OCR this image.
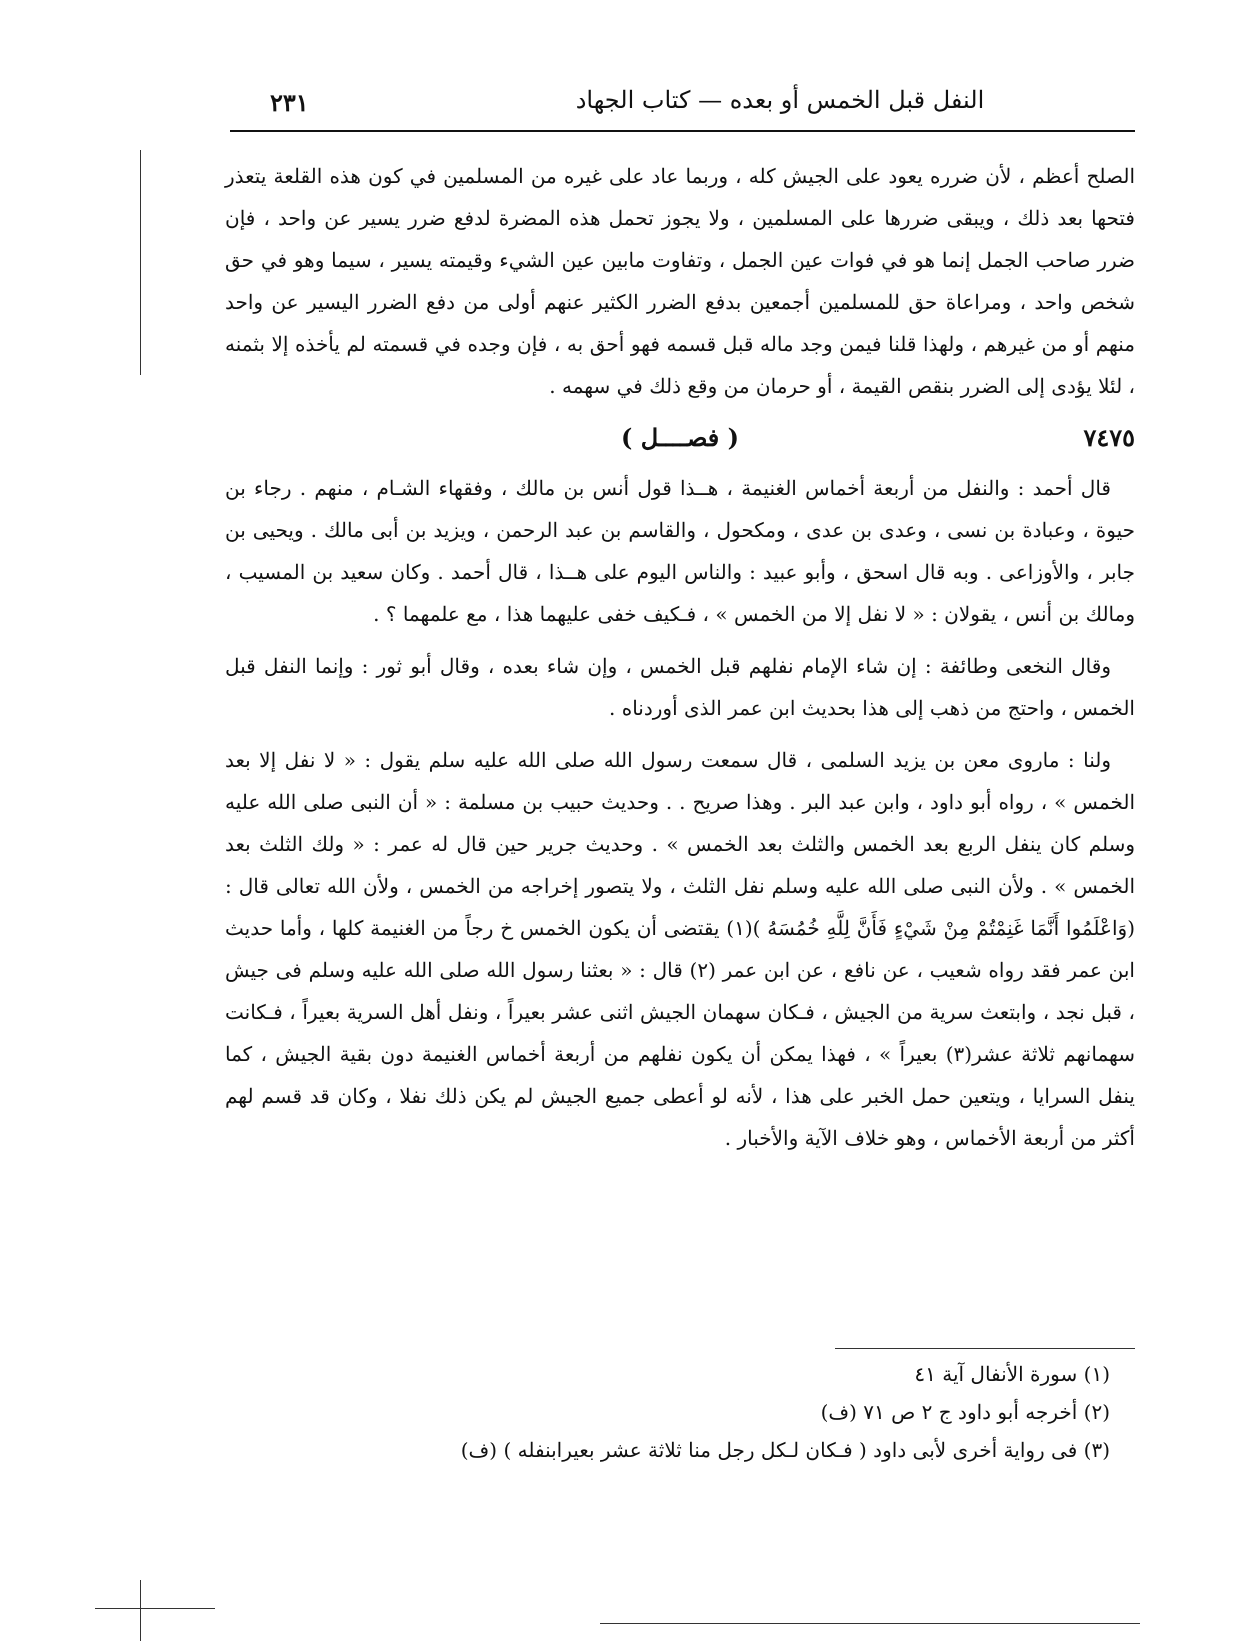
٢٣١	النفل قبل الخمس أو بعده — كتاب الجهاد

الصلح أعظم ، لأن ضرره يعود على الجيش كله ، وربما عاد على غيره من المسلمين في كون هذه القلعة يتعذر فتحها بعد ذلك ، ويبقى ضررها على المسلمين ، ولا يجوز تحمل هذه المضرة لدفع ضرر يسير عن واحد ، فإن ضرر صاحب الجمل إنما هو في فوات عين الجمل ، وتفاوت مابين عين الشيء وقيمته يسير ، سيما وهو في حق شخص واحد ، ومراعاة حق للمسلمين أجمعين بدفع الضرر الكثير عنهم أولى من دفع الضرر اليسير عن واحد منهم أو من غيرهم ، ولهذا قلنا فيمن وجد ماله قبل قسمه فهو أحق به ، فإن وجده في قسمته لم يأخذه إلا بثمنه ، لئلا يؤدى إلى الضرر بنقص القيمة ، أو حرمان من وقع ذلك في سهمه .

٧٤٧٥
( فصــــل )

قال أحمد : والنفل من أربعة أخماس الغنيمة ، هــذا قول أنس بن مالك ، وفقهاء الشـام ، منهم . رجاء بن حيوة ، وعبادة بن نسى ، وعدى بن عدى ، ومكحول ، والقاسم بن عبد الرحمن ، ويزيد بن أبى مالك . ويحيى بن جابر ، والأوزاعى . وبه قال اسحق ، وأبو عبيد : والناس اليوم على هــذا ، قال أحمد . وكان سعيد بن المسيب ، ومالك بن أنس ، يقولان : « لا نفل إلا من الخمس » ، فـكيف خفى عليهما هذا ، مع علمهما ؟ .

وقال النخعى وطائفة : إن شاء الإمام نفلهم قبل الخمس ، وإن شاء بعده ، وقال أبو ثور : وإنما النفل قبل الخمس ، واحتج من ذهب إلى هذا بحديث ابن عمر الذى أوردناه .

ولنا : ماروى معن بن يزيد السلمى ، قال سمعت رسول الله صلى الله عليه سلم يقول : « لا نفل إلا بعد الخمس » ، رواه أبو داود ، وابن عبد البر . وهذا صريح . . وحديث حبيب بن مسلمة : « أن النبى صلى الله عليه وسلم كان ينفل الربع بعد الخمس والثلث بعد الخمس » . وحديث جرير حين قال له عمر : « ولك الثلث بعد الخمس » . ولأن النبى صلى الله عليه وسلم نفل الثلث ، ولا يتصور إخراجه من الخمس ، ولأن الله تعالى قال : (وَاعْلَمُوا أَنَّمَا غَنِمْتُمْ مِنْ شَيْءٍ فَأَنَّ لِلَّهِ خُمُسَهُ )(١) يقتضى أن يكون الخمس خ رجاً من الغنيمة كلها ، وأما حديث ابن عمر فقد رواه شعيب ، عن نافع ، عن ابن عمر (٢) قال : « بعثنا رسول الله صلى الله عليه وسلم فى جيش ، قبل نجد ، وابتعث سرية من الجيش ، فـكان سهمان الجيش اثنى عشر بعيراً ، ونفل أهل السرية بعيراً ، فـكانت سهمانهم ثلاثة عشر(٣) بعيراً » ، فهذا يمكن أن يكون نفلهم من أربعة أخماس الغنيمة دون بقية الجيش ، كما ينفل السرايا ، ويتعين حمل الخبر على هذا ، لأنه لو أعطى جميع الجيش لم يكن ذلك نفلا ، وكان قد قسم لهم أكثر من أربعة الأخماس ، وهو خلاف الآية والأخبار .

(١) سورة الأنفال آية ٤١
(٢) أخرجه أبو داود ج ٢ ص ٧١ (ف)
(٣) فى رواية أخرى لأبى داود ( فـكان لـكل رجل منا ثلاثة عشر بعيرابنفله ) (ف)
